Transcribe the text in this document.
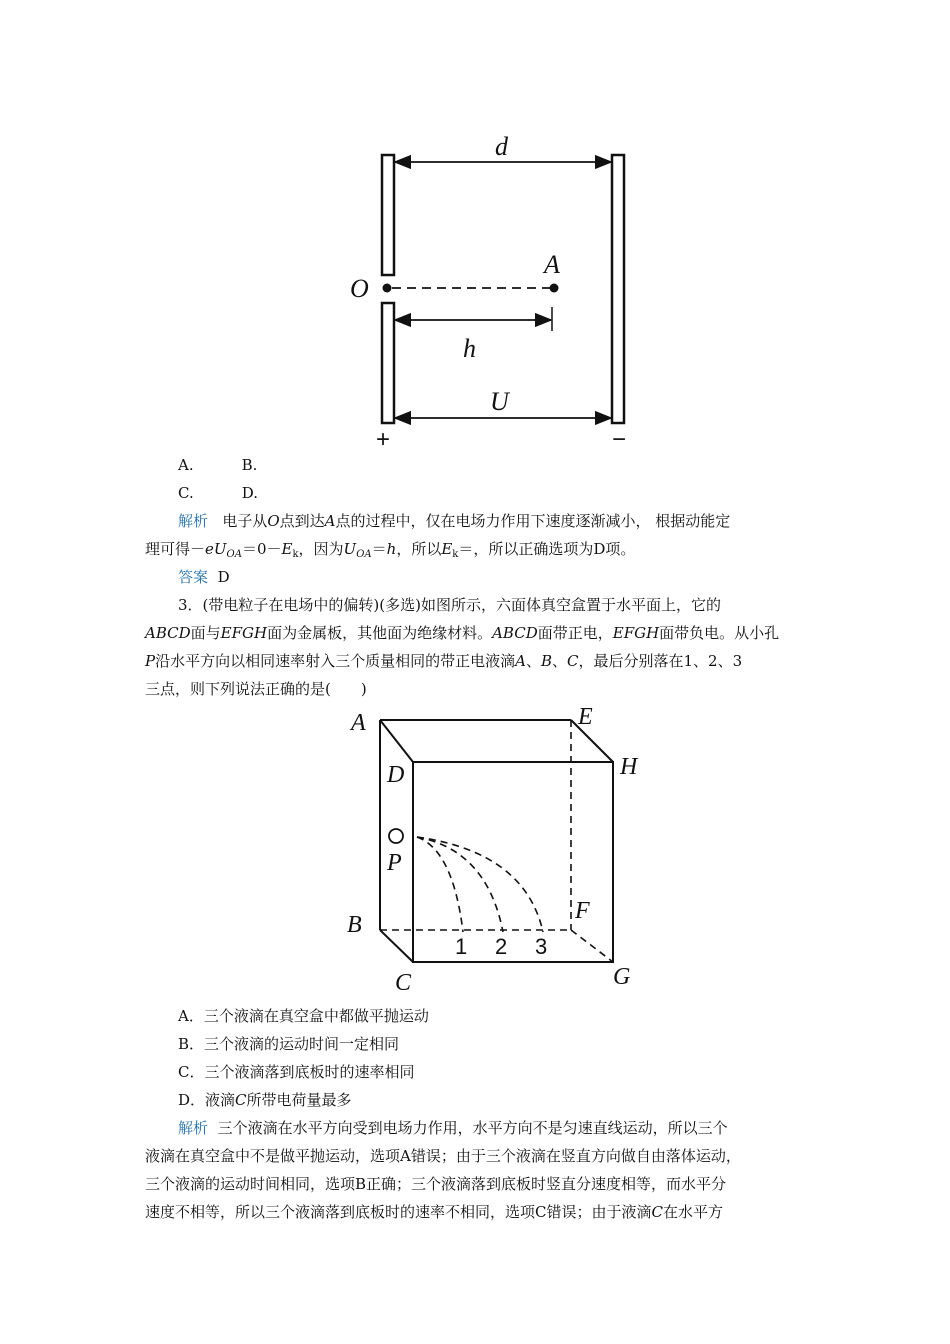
d
O
A
h
U
+	−
A.	B.
C.	D.
解析 电子从O点到达A点的过程中，仅在电场力作用下速度逐渐减小， 根据动能定
理可得$-eU_{OA}=0-E_k$，因为$U_{OA}=h$，所以$E_k=$，所以正确选项为D项。
答案 D
3．(带电粒子在电场中的偏转)(多选)如图所示，六面体真空盒置于水平面上，它的
ABCD面与EFGH面为金属板，其他面为绝缘材料。ABCD面带正电，EFGH面带负电。从小孔
P沿水平方向以相同速率射入三个质量相同的带正电液滴A、B、C，最后分别落在1、2、3
三点，则下列说法正确的是(　　)
A	E
D	H
P
B
F
C	G
1 2 3
A．三个液滴在真空盒中都做平抛运动
B．三个液滴的运动时间一定相同
C．三个液滴落到底板时的速率相同
D．液滴C所带电荷量最多
解析 三个液滴在水平方向受到电场力作用，水平方向不是匀速直线运动，所以三个
液滴在真空盒中不是做平抛运动，选项A错误；由于三个液滴在竖直方向做自由落体运动，
三个液滴的运动时间相同，选项B正确；三个液滴落到底板时竖直分速度相等，而水平分
速度不相等，所以三个液滴落到底板时的速率不相同，选项C错误；由于液滴C在水平方
